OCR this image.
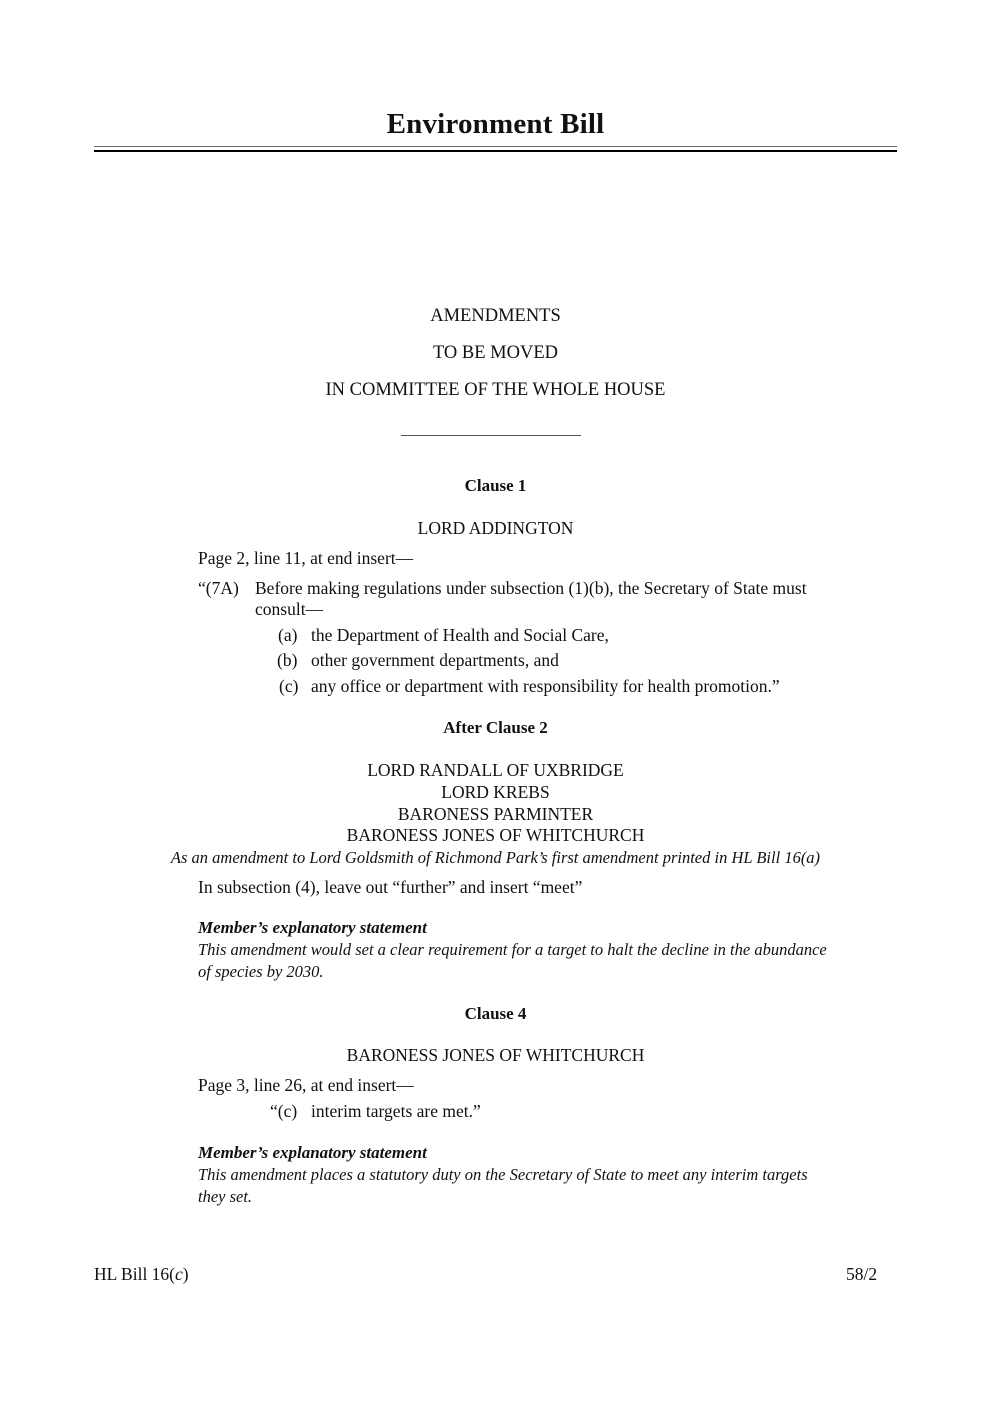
Environment Bill
AMENDMENTS
TO BE MOVED
IN COMMITTEE OF THE WHOLE HOUSE
Clause 1
LORD ADDINGTON
Page 2, line 11, at end insert—
“(7A) Before making regulations under subsection (1)(b), the Secretary of State must
consult—
(a) the Department of Health and Social Care,
(b) other government departments, and
(c) any office or department with responsibility for health promotion.”
After Clause 2
LORD RANDALL OF UXBRIDGE
LORD KREBS
BARONESS PARMINTER
BARONESS JONES OF WHITCHURCH
As an amendment to Lord Goldsmith of Richmond Park’s first amendment printed in HL Bill 16(a)
In subsection (4), leave out “further” and insert “meet”
Member’s explanatory statement
This amendment would set a clear requirement for a target to halt the decline in the abundance
of species by 2030.
Clause 4
BARONESS JONES OF WHITCHURCH
Page 3, line 26, at end insert—
“(c) interim targets are met.”
Member’s explanatory statement
This amendment places a statutory duty on the Secretary of State to meet any interim targets
they set.
HL Bill 16(c)	58/2
